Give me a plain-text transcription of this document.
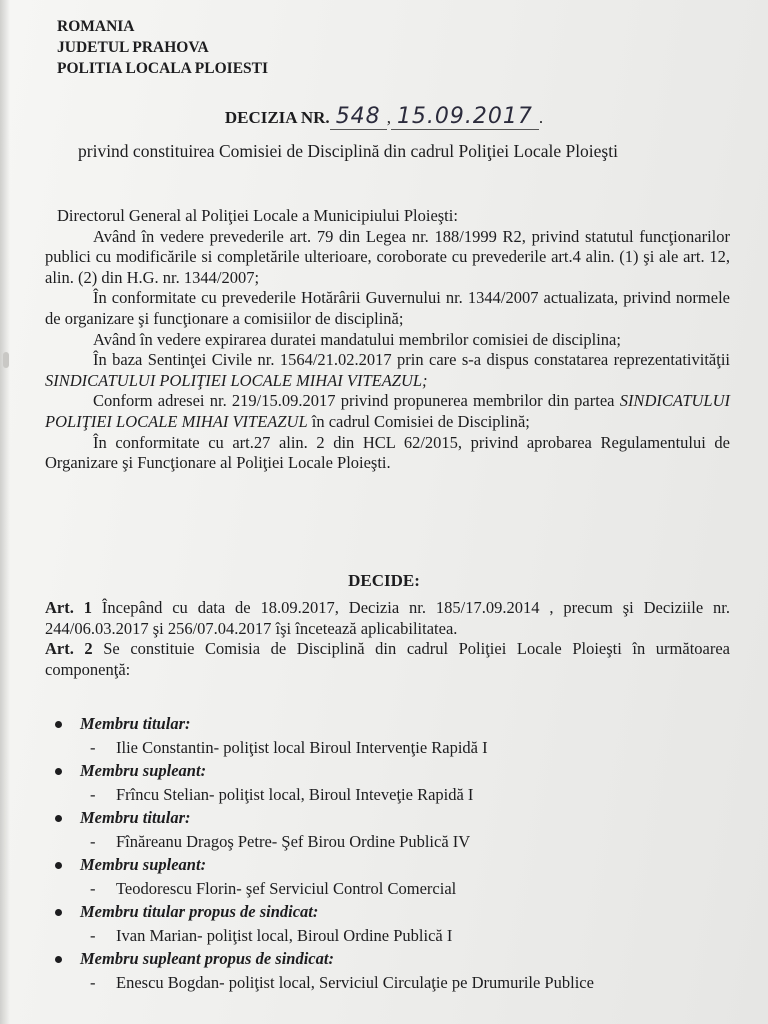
ROMANIA
JUDETUL PRAHOVA
POLITIA LOCALA PLOIESTI
DECIZIA NR. 548 , 15.09.2017 .
privind constituirea Comisiei de Disciplină din cadrul Poliţiei Locale Ploieşti

Directorul General al Poliţiei Locale a Municipiului Ploieşti:

Având în vedere prevederile art. 79 din Legea nr. 188/1999 R2, privind statutul funcţionarilor publici cu modificările si completările ulterioare, coroborate cu prevederile art.4 alin. (1) şi ale art. 12, alin. (2) din H.G. nr. 1344/2007;

În conformitate cu prevederile Hotărârii Guvernului nr. 1344/2007 actualizata, privind normele de organizare şi funcţionare a comisiilor de disciplină;

Având în vedere expirarea duratei mandatului membrilor comisiei de disciplina;

În baza Sentinţei Civile nr. 1564/21.02.2017 prin care s-a dispus constatarea reprezentativităţii SINDICATULUI POLIŢIEI LOCALE MIHAI VITEAZUL;

Conform adresei nr. 219/15.09.2017 privind propunerea membrilor din partea SINDICATULUI POLIŢIEI LOCALE MIHAI VITEAZUL în cadrul Comisiei de Disciplină;

În conformitate cu art.27 alin. 2 din HCL 62/2015, privind aprobarea Regulamentului de Organizare şi Funcţionare al Poliţiei Locale Ploieşti.

DECIDE:
Art. 1 Începând cu data de 18.09.2017, Decizia nr. 185/17.09.2014 , precum şi Deciziile nr. 244/06.03.2017 şi 256/07.04.2017 îşi încetează aplicabilitatea.
Art. 2 Se constituie Comisia de Disciplină din cadrul Poliţiei Locale Ploieşti în următoarea componenţă:
Membru titular:
- Ilie Constantin- poliţist local Biroul Intervenţie Rapidă I
Membru supleant:
- Frîncu Stelian- poliţist local, Biroul Inteveţie Rapidă I
Membru titular:
- Fînăreanu Dragoş Petre- Şef Birou Ordine Publică IV
Membru supleant:
- Teodorescu Florin- şef Serviciul Control Comercial
Membru titular propus de sindicat:
- Ivan Marian- poliţist local, Biroul Ordine Publică I
Membru supleant propus de sindicat:
- Enescu Bogdan- poliţist local, Serviciul Circulaţie pe Drumurile Publice
